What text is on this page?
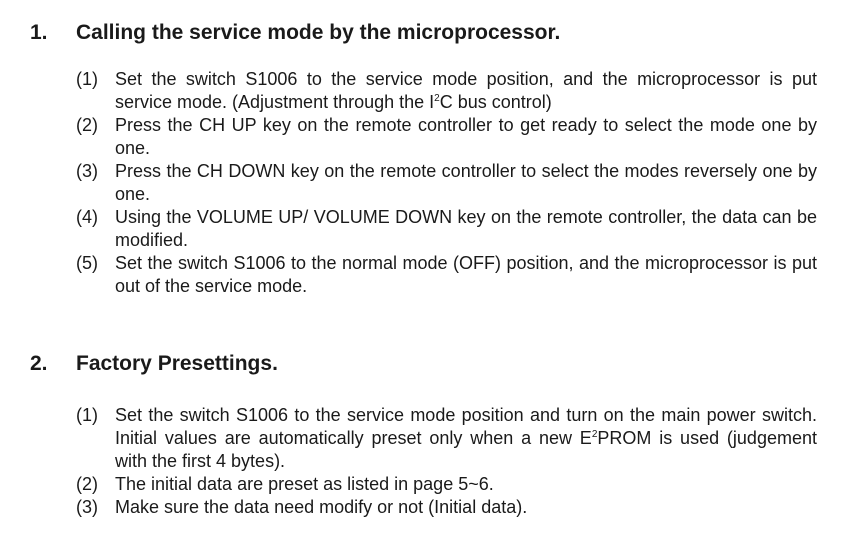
1. Calling the service mode by the microprocessor.
(1) Set the switch S1006 to the service mode position, and the microprocessor is put service mode. (Adjustment through the $I^2C$ bus control)
(2) Press the CH UP key on the remote controller to get ready to select the mode one by one.
(3) Press the CH DOWN key on the remote controller to select the modes reversely one by one.
(4) Using the VOLUME UP/ VOLUME DOWN key on the remote controller, the data can be modified.
(5) Set the switch S1006 to the normal mode (OFF) position, and the microprocessor is put out of the service mode.
2. Factory Presettings.
(1) Set the switch S1006 to the service mode position and turn on the main power switch. Initial values are automatically preset only when a new $E^2PROM$ is used (judgement with the first 4 bytes).
(2) The initial data are preset as listed in page 5~6.
(3) Make sure the data need modify or not (Initial data).
